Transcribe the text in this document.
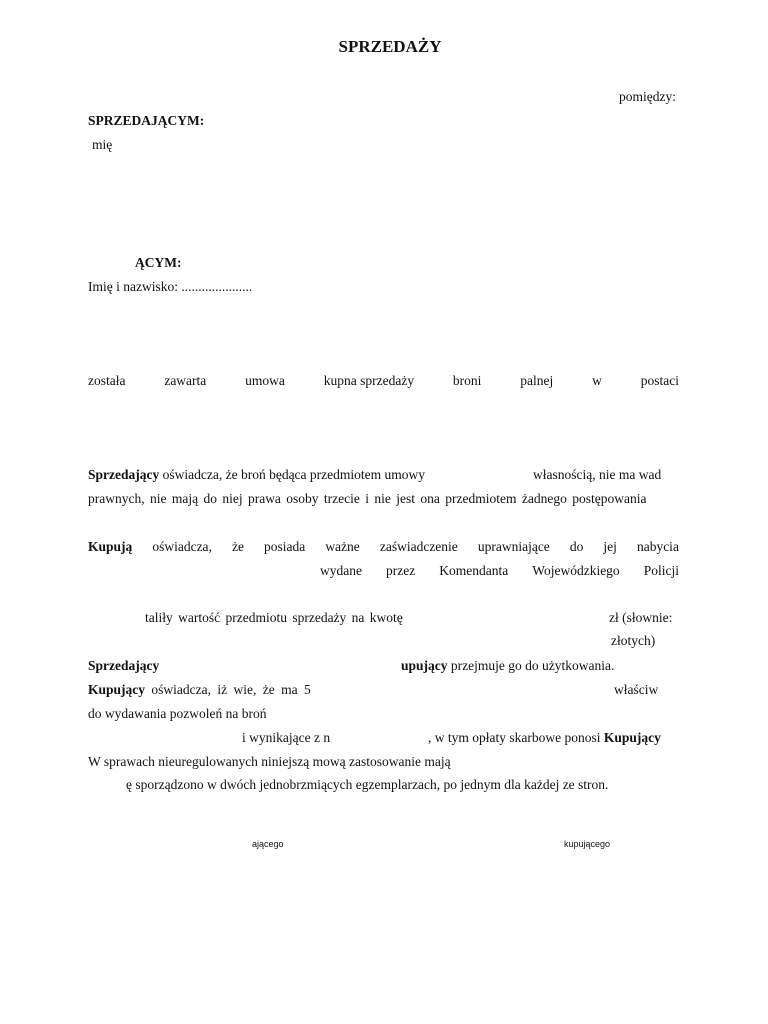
SPRZEDAŻY
pomiędzy:
SPRZEDAJĄCYM:
mię
ĄCYM:
Imię i nazwisko: .....................
została	zawarta	umowa	kupna sprzedaży	broni	palnej	w	postaci
Sprzedający oświadcza, że broń będąca przedmiotem umowy	własnością, nie ma wad
prawnych, nie mają do niej prawa osoby trzecie i nie jest ona przedmiotem żadnego postępowania
Kupują oświadcza, że posiada ważne zaświadczenie uprawniające do jej nabycia
wydane przez Komendanta Wojewódzkiego Policji
taliły wartość przedmiotu sprzedaży na kwotę	zł (słownie:
złotych)
Sprzedający	upujący przejmuje go do użytkowania.
Kupujący oświadcza, iż wie, że ma 5	właściw
do wydawania pozwoleń na broń
i wynikające z n	, w tym opłaty skarbowe ponosi Kupujący
W sprawach nieuregulowanych niniejszą mową zastosowanie mają
ę sporządzono w dwóch jednobrzmiących egzemplarzach, po jednym dla każdej ze stron.
ającego	kupującego
